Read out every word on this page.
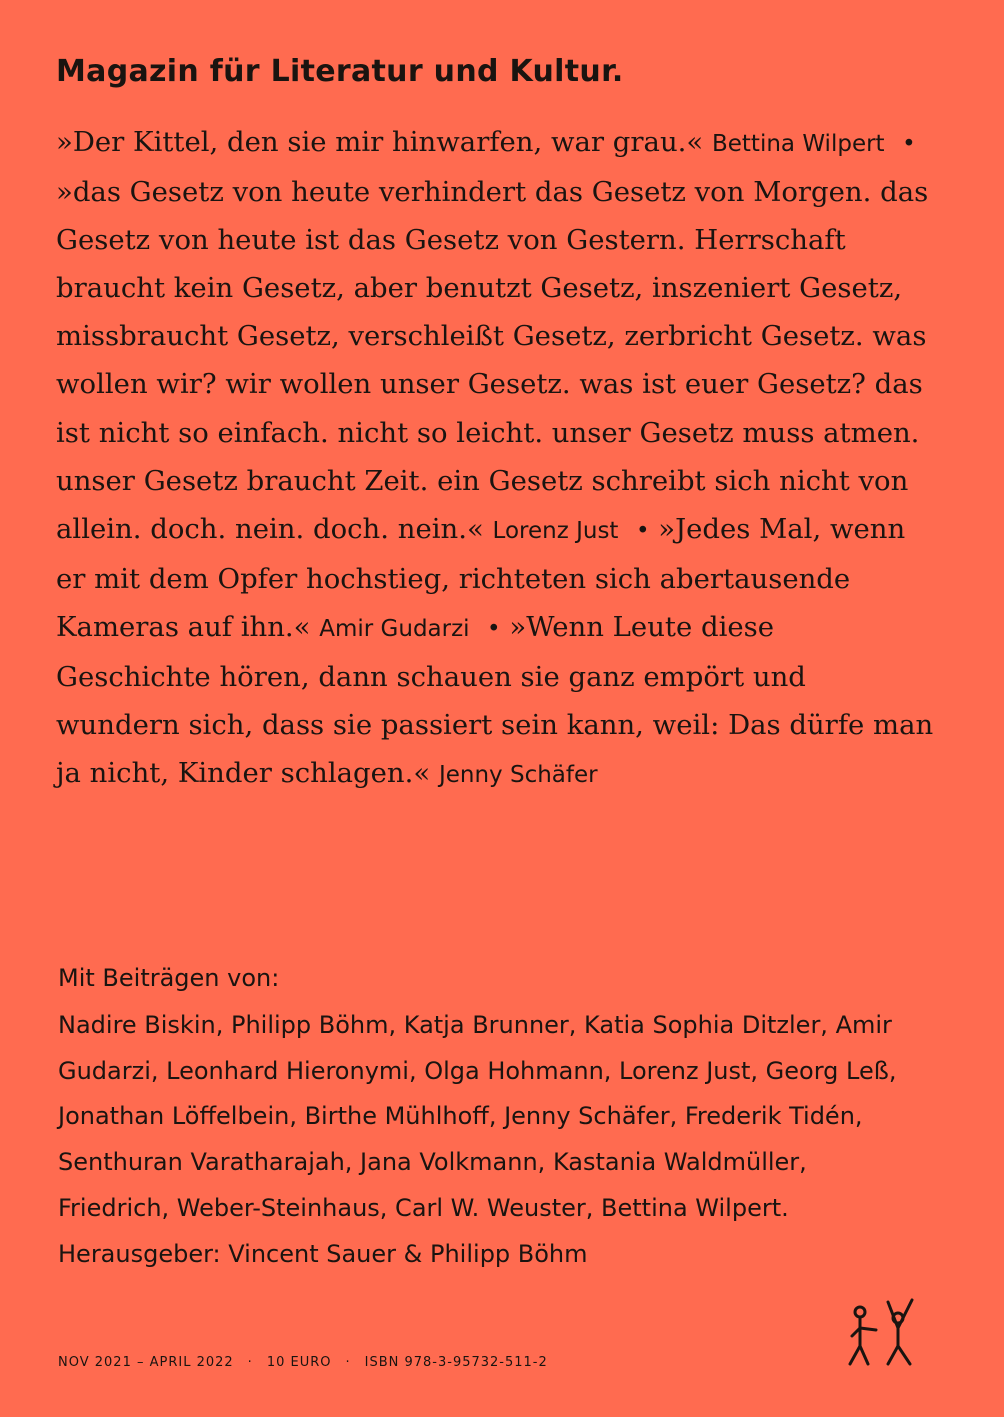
Magazin für Literatur und Kultur.

»Der Kittel, den sie mir hinwarfen, war grau.« Bettina Wilpert • »das Gesetz von heute verhindert das Gesetz von Morgen. das Gesetz von heute ist das Gesetz von Gestern. Herrschaft braucht kein Gesetz, aber benutzt Gesetz, inszeniert Gesetz, missbraucht Gesetz, verschleißt Gesetz, zerbricht Gesetz. was wollen wir? wir wollen unser Gesetz. was ist euer Gesetz? das ist nicht so einfach. nicht so leicht. unser Gesetz muss atmen. unser Gesetz braucht Zeit. ein Gesetz schreibt sich nicht von allein. doch. nein. doch. nein.« Lorenz Just • »Jedes Mal, wenn er mit dem Opfer hochstieg, richteten sich abertausende Kameras auf ihn.« Amir Gudarzi • »Wenn Leute diese Geschichte hören, dann schauen sie ganz empört und wundern sich, dass sie passiert sein kann, weil: Das dürfe man ja nicht, Kinder schlagen.« Jenny Schäfer

Mit Beiträgen von:

Nadire Biskin, Philipp Böhm, Katja Brunner, Katia Sophia Ditzler, Amir Gudarzi, Leonhard Hieronymi, Olga Hohmann, Lorenz Just, Georg Leß, Jonathan Löffelbein, Birthe Mühlhoff, Jenny Schäfer, Frederik Tidén, Senthuran Varatharajah, Jana Volkmann, Kastania Waldmüller, Friedrich, Weber-Steinhaus, Carl W. Weuster, Bettina Wilpert. Herausgeber: Vincent Sauer & Philipp Böhm

NOV 2021 – APRIL 2022 · 10 EURO · ISBN 978-3-95732-511-2
